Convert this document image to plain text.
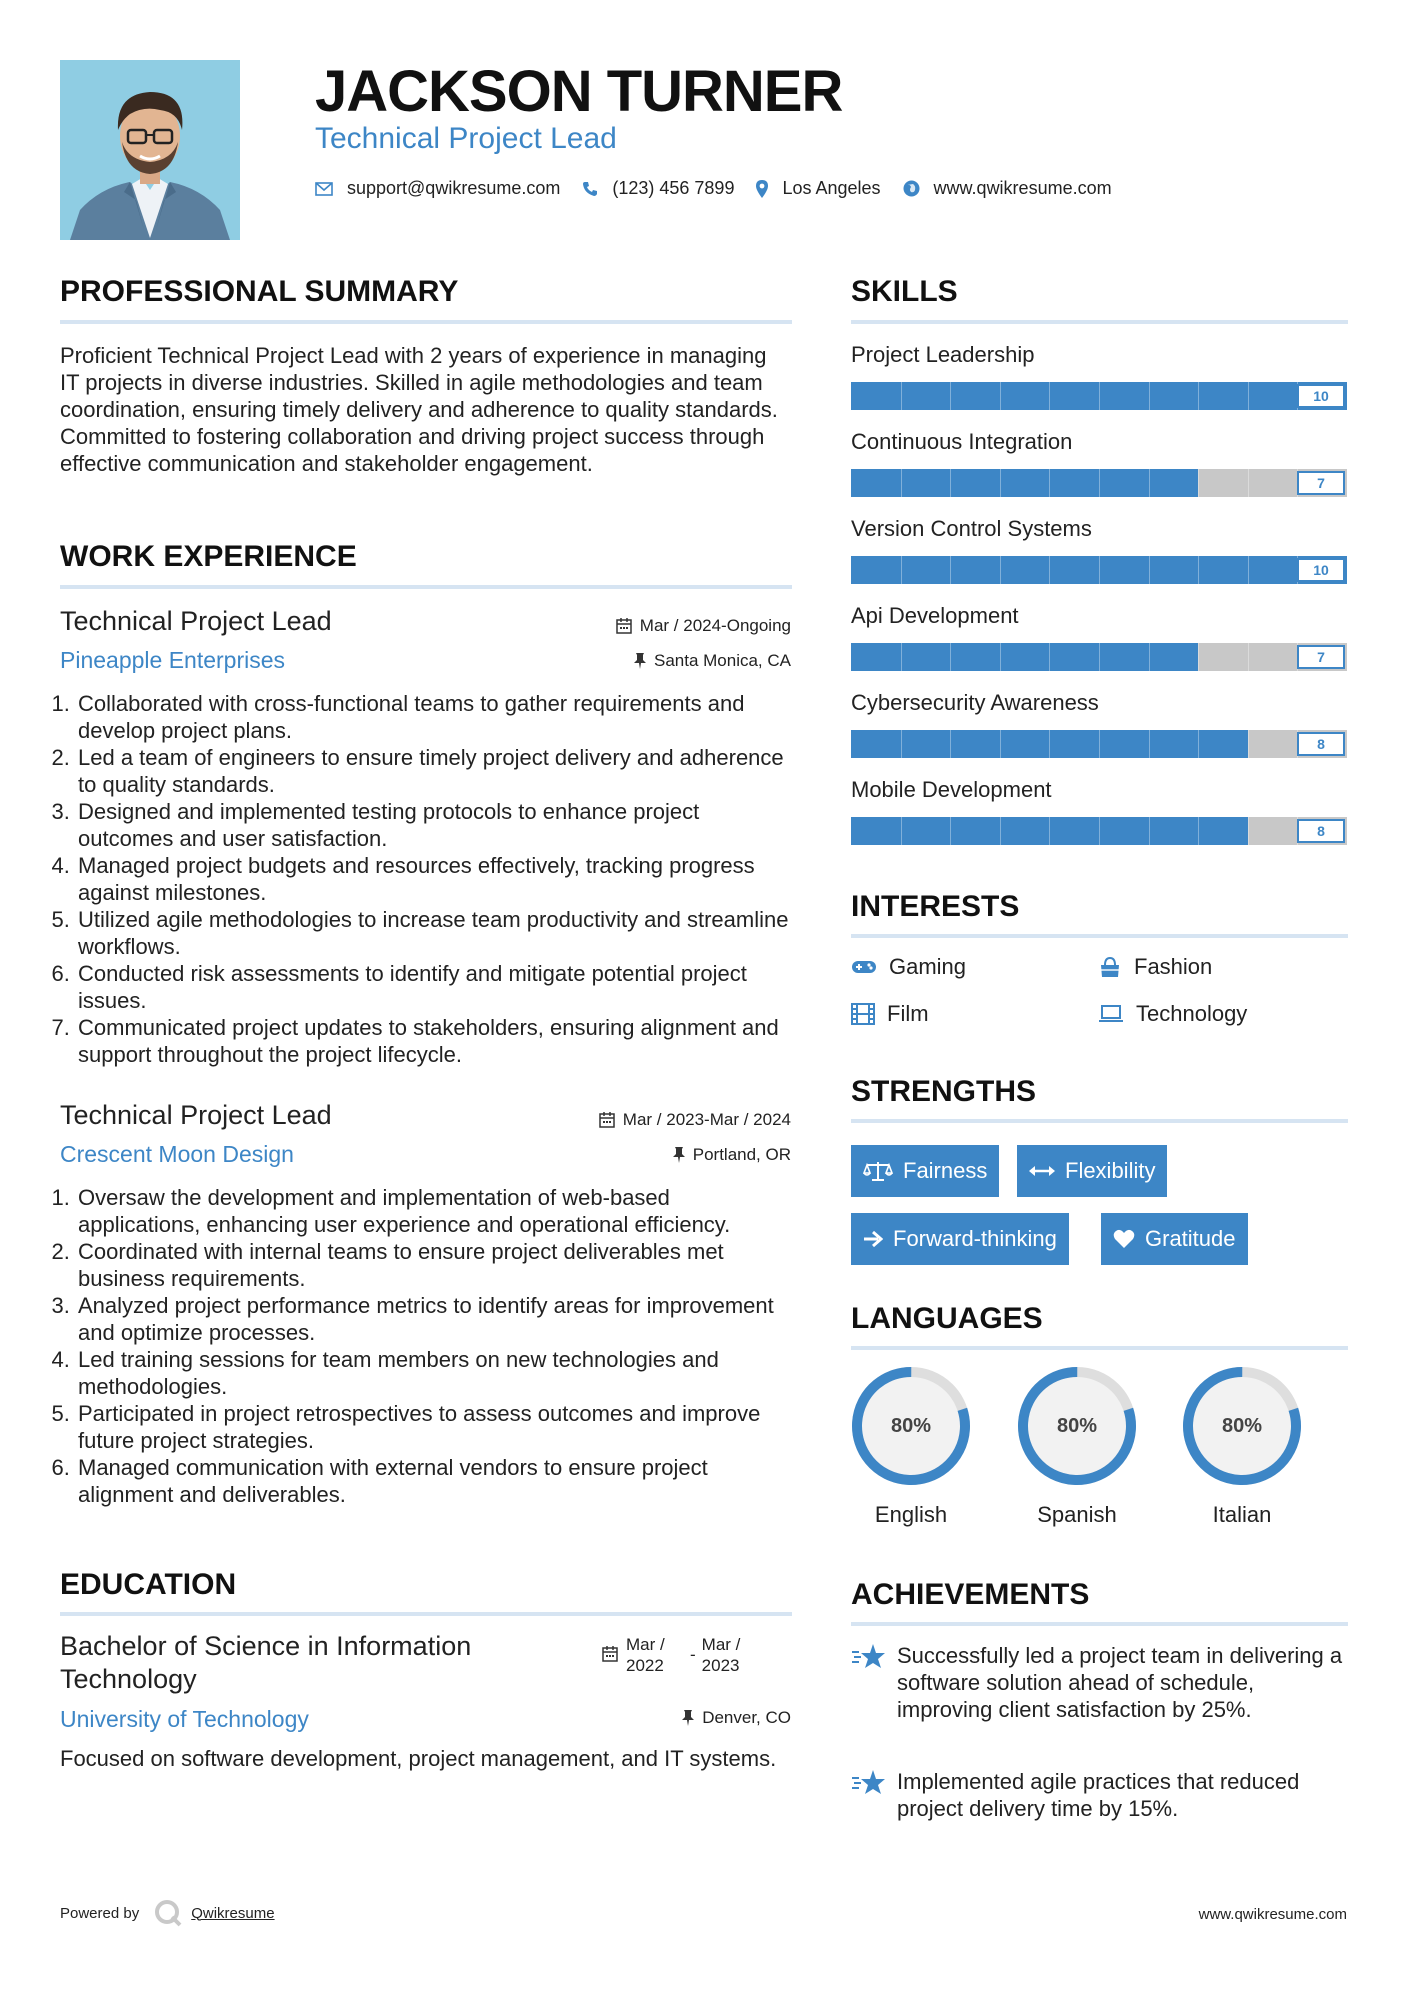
JACKSON TURNER
Technical Project Lead
support@qwikresume.com	(123) 456 7899	Los Angeles	www.qwikresume.com
PROFESSIONAL SUMMARY
Proficient Technical Project Lead with 2 years of experience in managing IT projects in diverse industries. Skilled in agile methodologies and team coordination, ensuring timely delivery and adherence to quality standards. Committed to fostering collaboration and driving project success through effective communication and stakeholder engagement.
WORK EXPERIENCE
Technical Project Lead	Mar / 2024-Ongoing
Pineapple Enterprises	Santa Monica, CA
1. Collaborated with cross-functional teams to gather requirements and develop project plans.
2. Led a team of engineers to ensure timely project delivery and adherence to quality standards.
3. Designed and implemented testing protocols to enhance project outcomes and user satisfaction.
4. Managed project budgets and resources effectively, tracking progress against milestones.
5. Utilized agile methodologies to increase team productivity and streamline workflows.
6. Conducted risk assessments to identify and mitigate potential project issues.
7. Communicated project updates to stakeholders, ensuring alignment and support throughout the project lifecycle.
Technical Project Lead	Mar / 2023-Mar / 2024
Crescent Moon Design	Portland, OR
1. Oversaw the development and implementation of web-based applications, enhancing user experience and operational efficiency.
2. Coordinated with internal teams to ensure project deliverables met business requirements.
3. Analyzed project performance metrics to identify areas for improvement and optimize processes.
4. Led training sessions for team members on new technologies and methodologies.
5. Participated in project retrospectives to assess outcomes and improve future project strategies.
6. Managed communication with external vendors to ensure project alignment and deliverables.
EDUCATION
Bachelor of Science in Information Technology
Mar / 2022
-
Mar / 2023
University of Technology	Denver, CO
Focused on software development, project management, and IT systems.
SKILLS
Project Leadership
10
Continuous Integration
7
Version Control Systems
10
Api Development
7
Cybersecurity Awareness
8
Mobile Development
8
INTERESTS
Gaming	Fashion
Film	Technology
STRENGTHS
Fairness	Flexibility
Forward-thinking	Gratitude
LANGUAGES
80%
English
80%
Spanish
80%
Italian
ACHIEVEMENTS
Successfully led a project team in delivering a software solution ahead of schedule, improving client satisfaction by 25%.
Implemented agile practices that reduced project delivery time by 15%.
Powered by	Qwikresume	www.qwikresume.com
